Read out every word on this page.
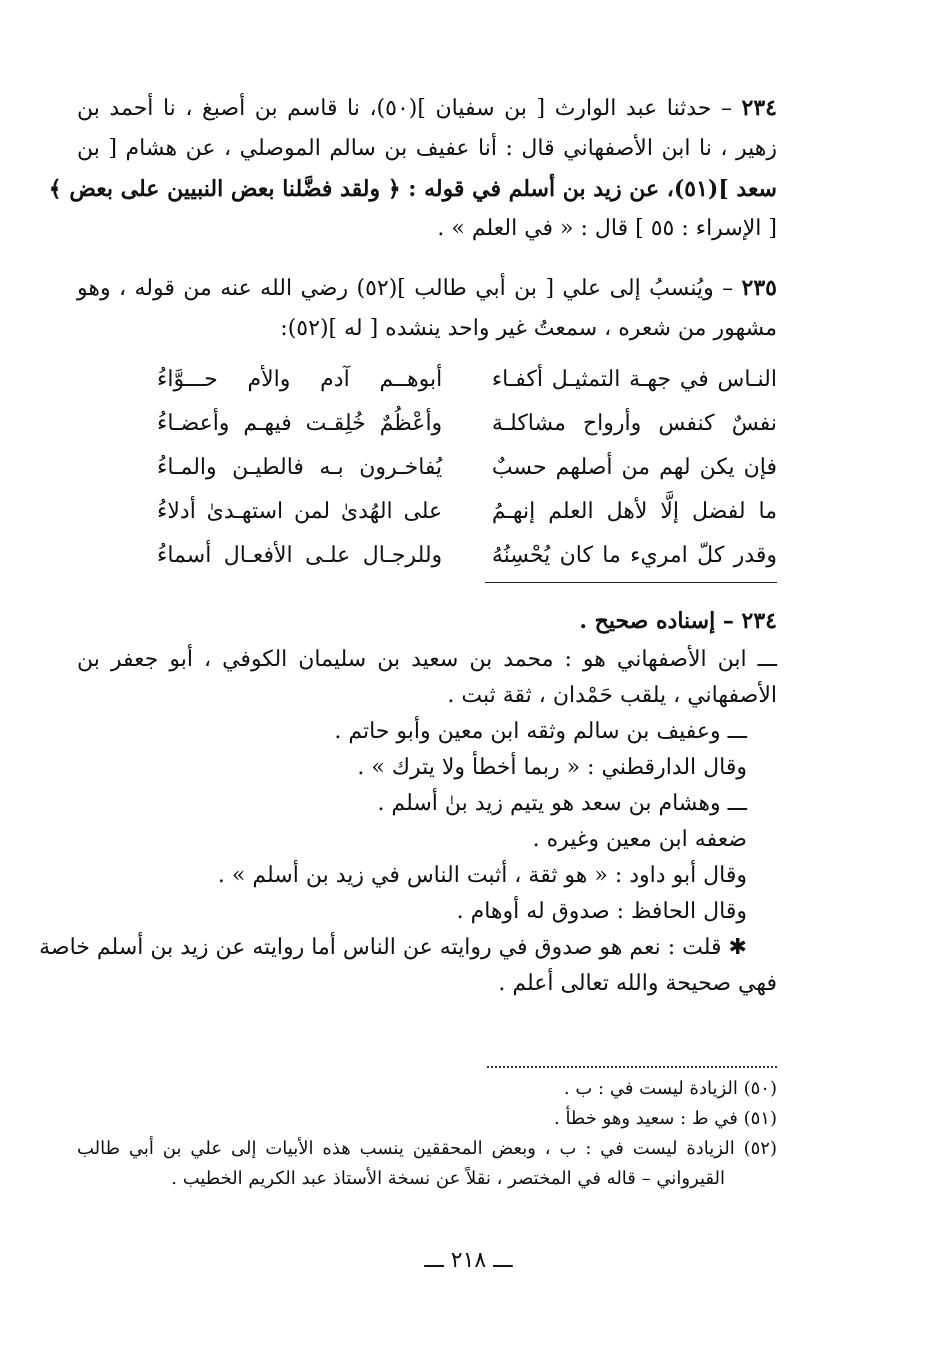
٢٣٤ – حدثنا عبد الوارث [ بن سفيان ](٥٠)، نا قاسم بن أصبغ ، نا أحمد بن
زهير ، نا ابن الأصفهاني قال : أنا عفيف بن سالم الموصلي ، عن هشام [ بن
سعد ](٥١)، عن زيد بن أسلم في قوله : ﴿ ولقد فضَّلنا بعض النبيين على بعض ﴾
[ الإسراء : ٥٥ ] قال : « في العلم » .
٢٣٥ – ويُنسبُ إلى علي [ بن أبي طالب ](٥٢) رضي الله عنه من قوله ، وهو
مشهور من شعره ، سمعتُ غير واحد ينشده [ له ](٥٢):
النـاس في جهـة التمثيـل أكفـاء
أبوهــم آدم والأم حـــوَّاءُ
نفسٌ كنفس وأرواح مشاكلـة
وأعْظُمٌ خُلِقـت فيهـم وأعضـاءُ
فإن يكن لهم من أصلهم حسبٌ
يُفاخـرون بـه فالطيـن والمـاءُ
ما لفضل إلَّا لأهل العلم إنهـمُ
على الهُدىٰ لمن استهـدىٰ أدلاءُ
وقدر كلّ امريء ما كان يُحْسِنُهُ
وللرجـال علـى الأفعـال أسماءُ
٢٣٤ – إسناده صحيح .
ـــ ابن الأصفهاني هو : محمد بن سعيد بن سليمان الكوفي ، أبو جعفر بن
الأصفهاني ، يلقب حَمْدان ، ثقة ثبت .
ـــ وعفيف بن سالم وثقه ابن معين وأبو حاتم .
وقال الدارقطني : « ربما أخطأ ولا يترك » .
ـــ وهشام بن سعد هو يتيم زيد بنٰ أسلم .
ضعفه ابن معين وغيره .
وقال أبو داود : « هو ثقة ، أثبت الناس في زيد بن أسلم » .
وقال الحافظ : صدوق له أوهام .
✱ قلت : نعم هو صدوق في روايته عن الناس أما روايته عن زيد بن أسلم خاصة
فهي صحيحة والله تعالى أعلم .
(٥٠) الزيادة ليست في : ب .
(٥١) في ط : سعيد وهو خطأ .
(٥٢) الزيادة ليست في : ب ، وبعض المحققين ينسب هذه الأبيات إلى علي بن أبي طالب
القيرواني – قاله في المختصر ، نقلاً عن نسخة الأستاذ عبد الكريم الخطيب .
ـــ ٢١٨ ـــ
